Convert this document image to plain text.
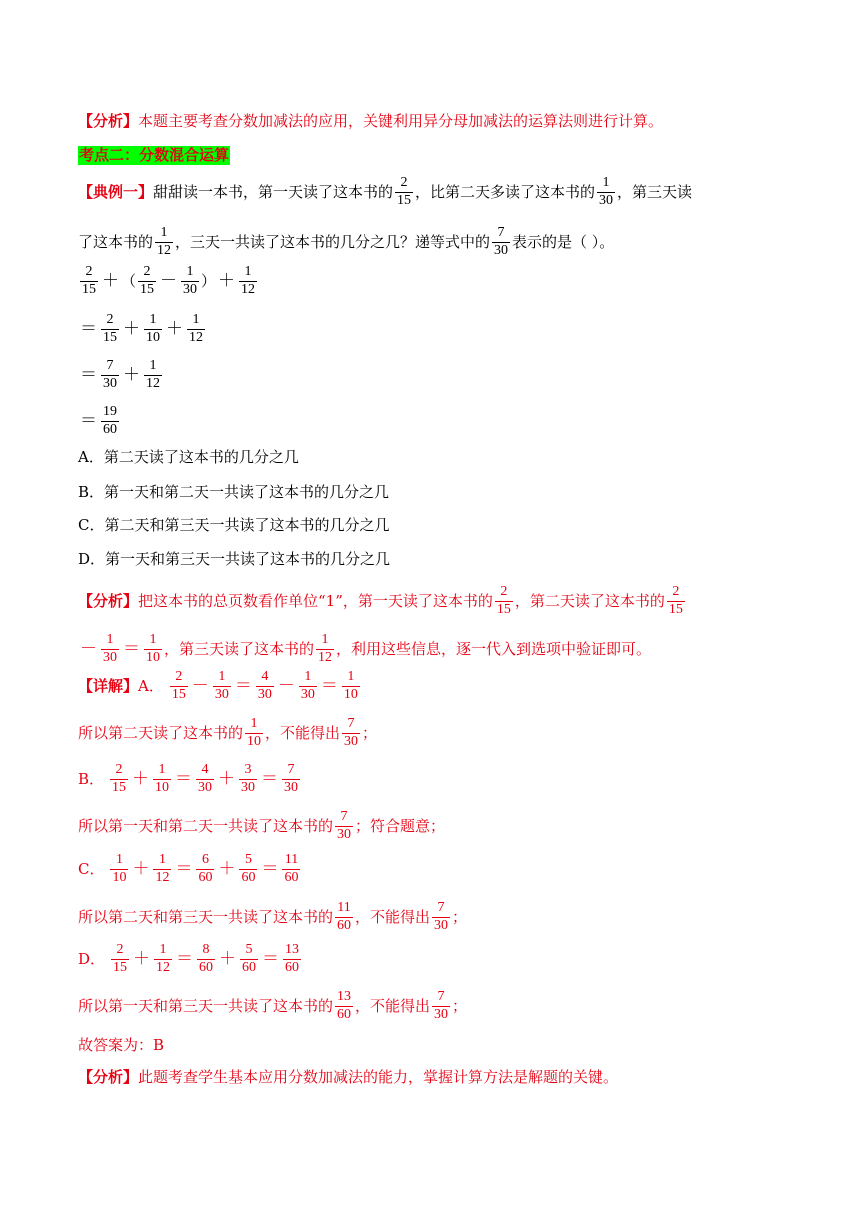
【分析】 本题主要考查分数加减法的应用，关键利用异分母加减法的运算法则进行计算。
考点二：分数混合运算
【典例一】 甜甜读一本书，第一天读了这本书的 $\frac{2}{15}$ ，比第二天多读了这本书的 $\frac{1}{30}$ ，第三天读
了这本书的 $\frac{1}{12}$ ，三天一共读了这本书的几分之几？递等式中的 $\frac{7}{30}$ 表示的是（ ）。
$\frac{2}{15}$ ＋ （ $\frac{2}{15} - \frac{1}{30}$ ） ＋ $\frac{1}{12}$
＝ $\frac{2}{15} + \frac{1}{10} + \frac{1}{12}$
＝ $\frac{7}{30} + \frac{1}{12}$
＝ $\frac{19}{60}$
A．第二天读了这本书的几分之几
B．第一天和第二天一共读了这本书的几分之几
C．第二天和第三天一共读了这本书的几分之几
D．第一天和第三天一共读了这本书的几分之几
【分析】 把这本书的总页数看作单位“1”，第一天读了这本书的 $\frac{2}{15}$ ，第二天读了这本书的 $\frac{2}{15}$
－ $\frac{1}{30} = \frac{1}{10}$ ，第三天读了这本书的 $\frac{1}{12}$ ，利用这些信息，逐一代入到选项中验证即可。
【详解】 A． $\frac{2}{15} - \frac{1}{30} = \frac{4}{30} - \frac{1}{30} = \frac{1}{10}$
所以第二天读了这本书的 $\frac{1}{10}$ ，不能得出 $\frac{7}{30}$ ；
B． $\frac{2}{15} + \frac{1}{10} = \frac{4}{30} + \frac{3}{30} = \frac{7}{30}$
所以第一天和第二天一共读了这本书的 $\frac{7}{30}$ ；符合题意；
C． $\frac{1}{10} + \frac{1}{12} = \frac{6}{60} + \frac{5}{60} = \frac{11}{60}$
所以第二天和第三天一共读了这本书的 $\frac{11}{60}$ ，不能得出 $\frac{7}{30}$ ；
D． $\frac{2}{15} + \frac{1}{12} = \frac{8}{60} + \frac{5}{60} = \frac{13}{60}$
所以第一天和第三天一共读了这本书的 $\frac{13}{60}$ ，不能得出 $\frac{7}{30}$ ；
故答案为：B
【分析】 此题考查学生基本应用分数加减法的能力，掌握计算方法是解题的关键。
